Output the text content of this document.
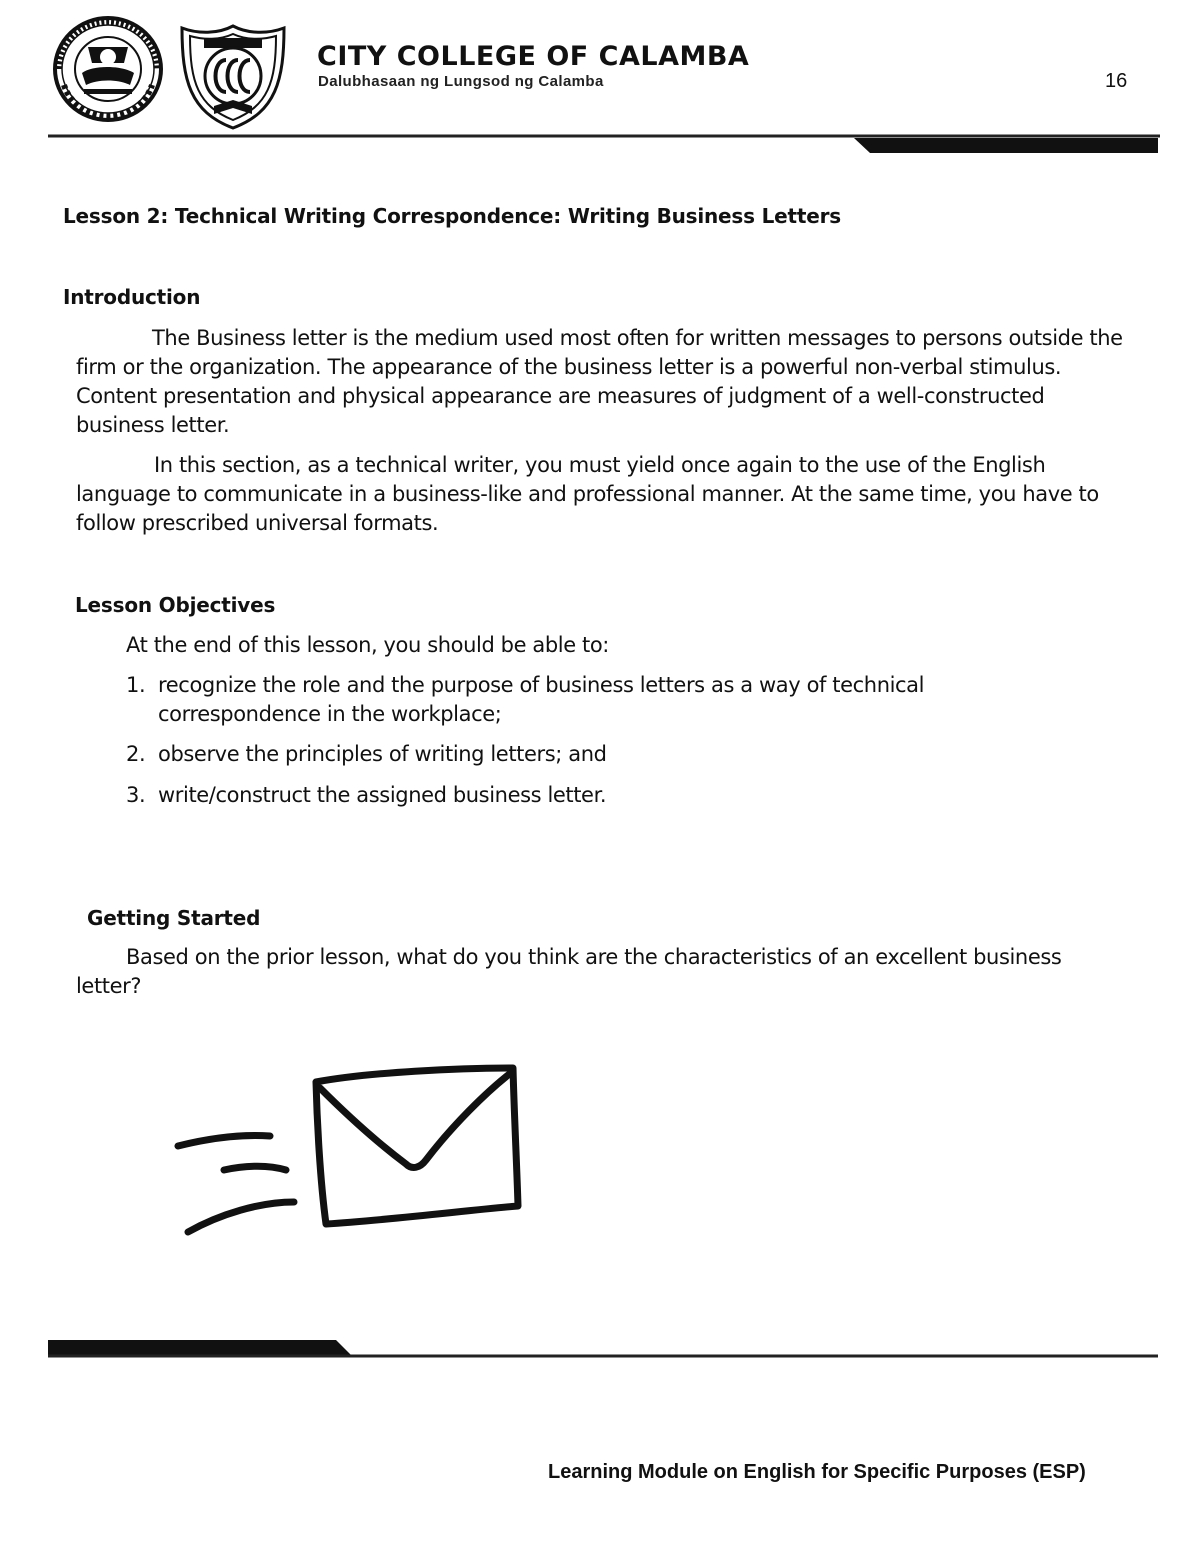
CITY COLLEGE OF CALAMBA
Dalubhasaan ng Lungsod ng Calamba	16
Lesson 2: Technical Writing Correspondence: Writing Business Letters
Introduction
The Business letter is the medium used most often for written messages to persons outside the firm or the organization. The appearance of the business letter is a powerful non-verbal stimulus. Content presentation and physical appearance are measures of judgment of a well-constructed business letter.
In this section, as a technical writer, you must yield once again to the use of the English language to communicate in a business-like and professional manner. At the same time, you have to follow prescribed universal formats.
Lesson Objectives
At the end of this lesson, you should be able to:
1. recognize the role and the purpose of business letters as a way of technical correspondence in the workplace;
2. observe the principles of writing letters; and
3. write/construct the assigned business letter.
Getting Started
Based on the prior lesson, what do you think are the characteristics of an excellent business letter?
Learning Module on English for Specific Purposes (ESP)
